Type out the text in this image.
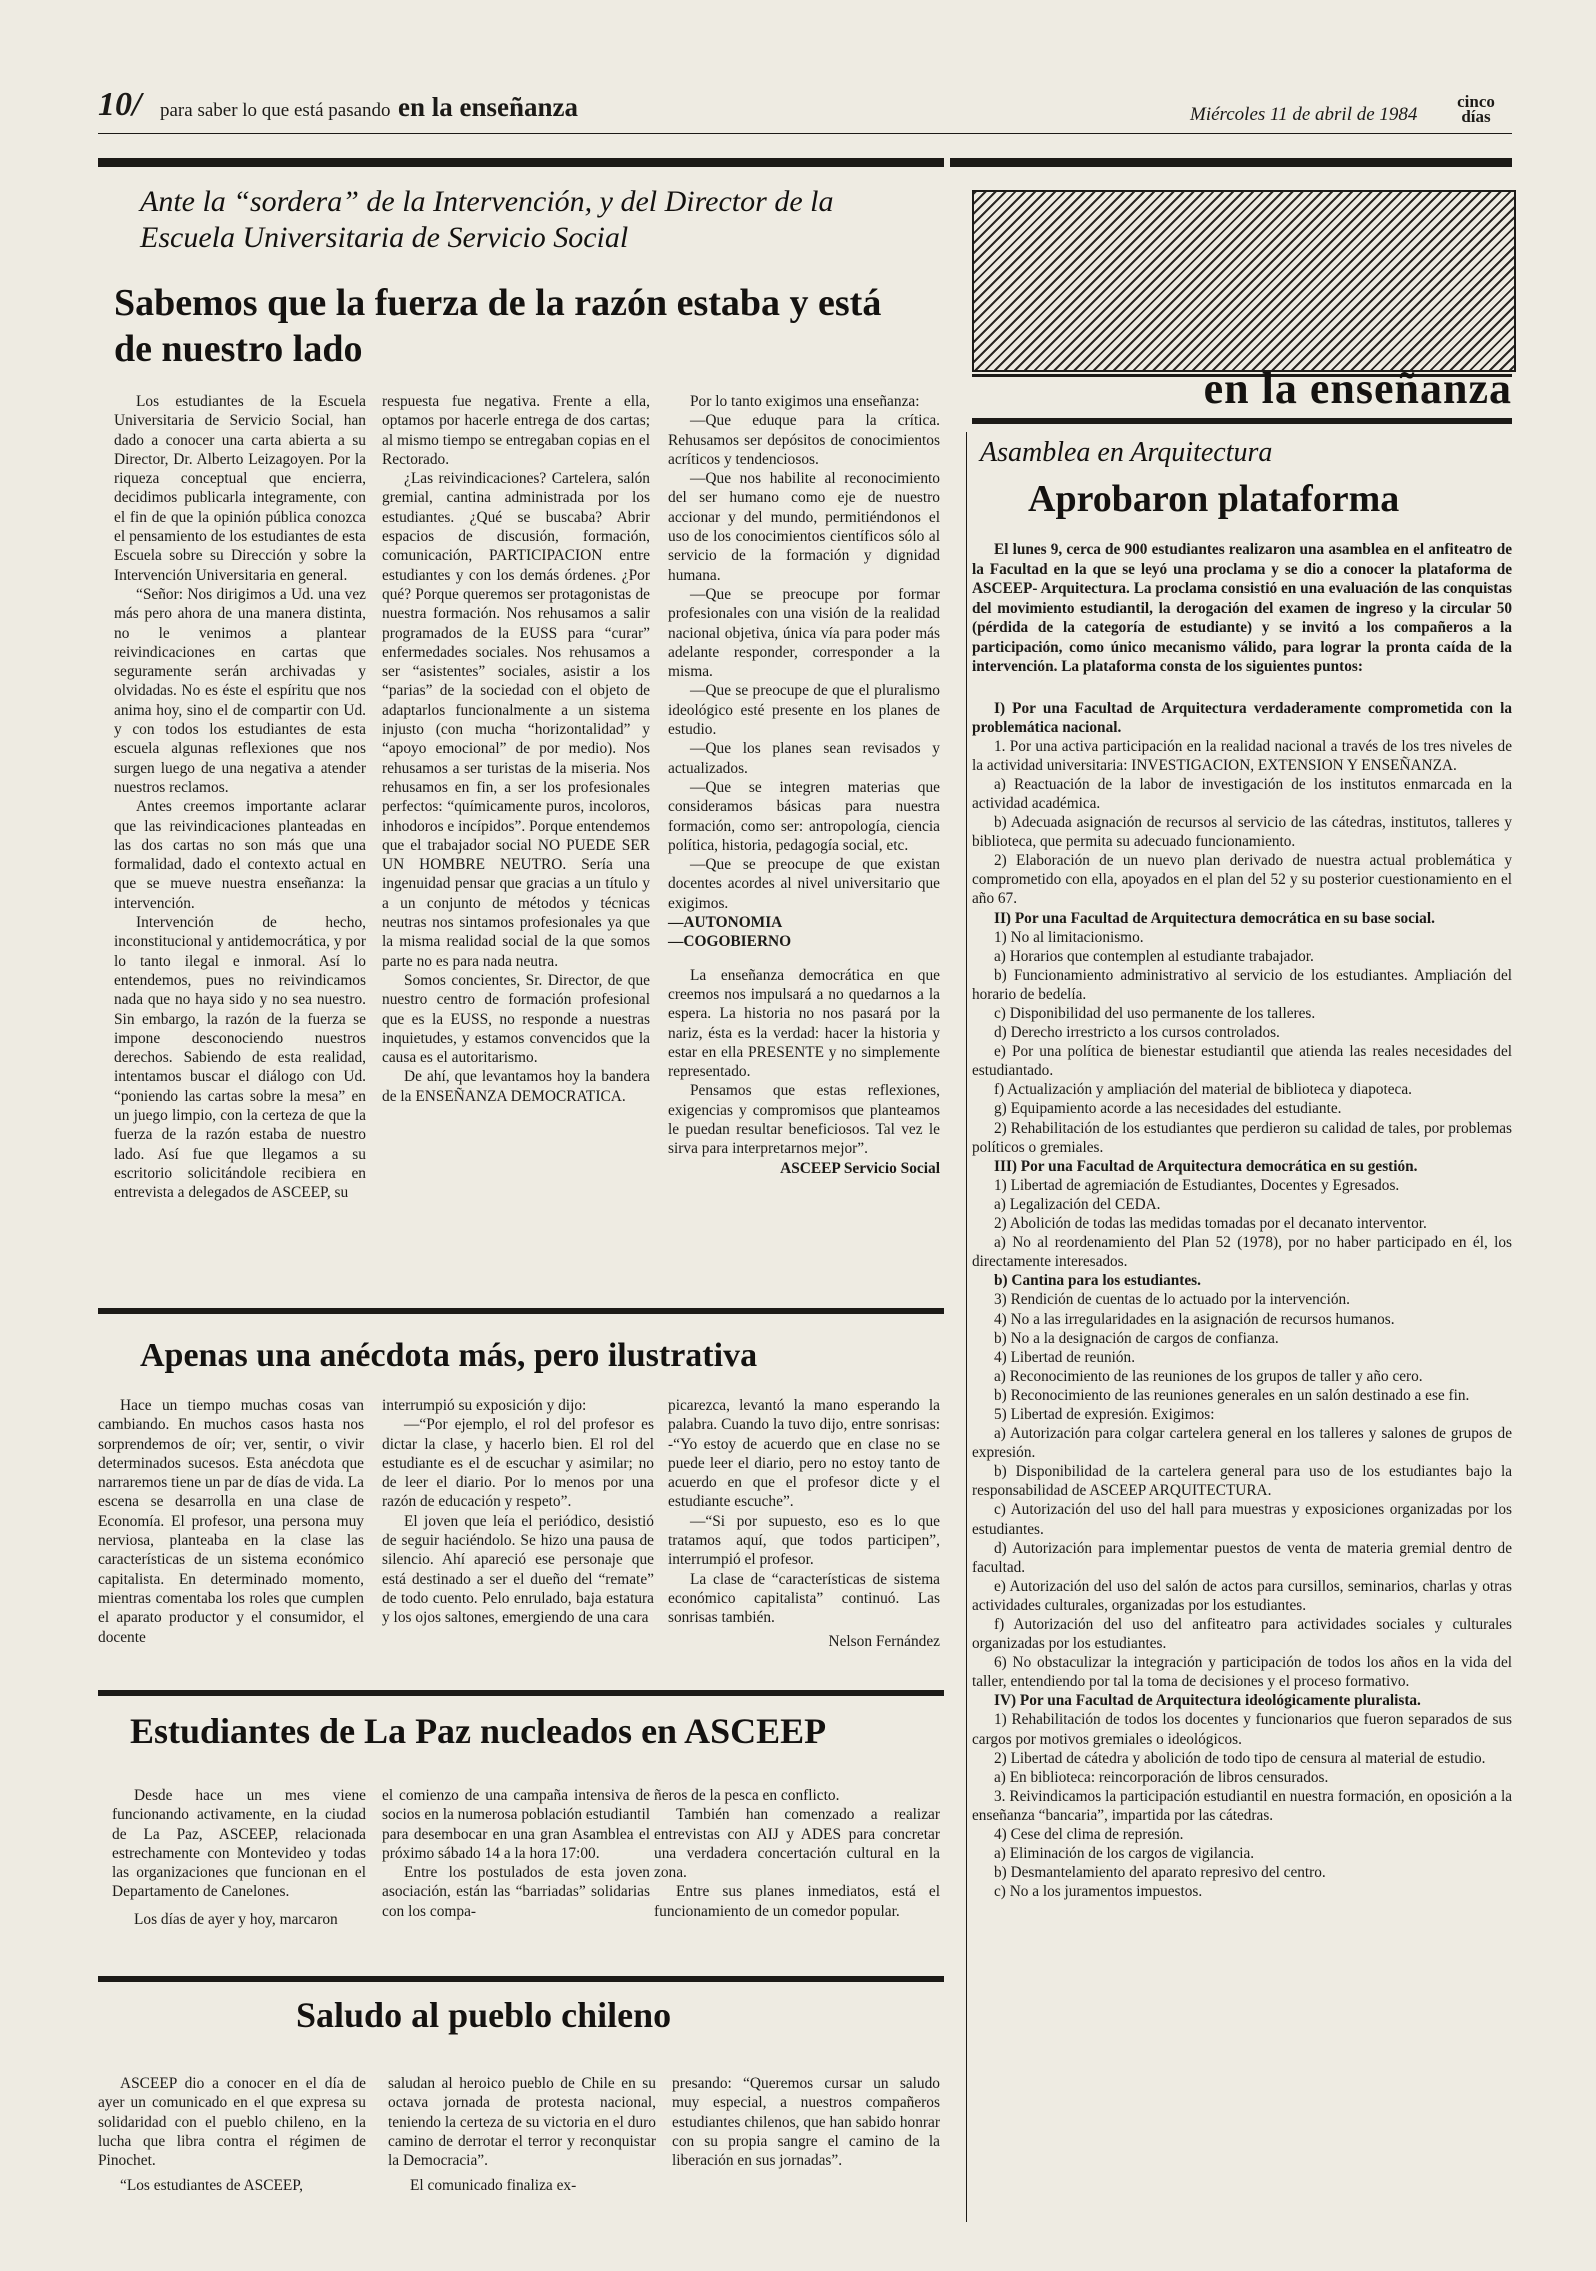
10/ para saber lo que está pasando en la enseñanza	Miércoles 11 de abril de 1984
cinco días
Ante la “sordera” de la Intervención, y del Director de la Escuela Universitaria de Servicio Social
Sabemos que la fuerza de la razón estaba y está
de nuestro lado

Los estudiantes de la Escuela Universitaria de Servicio Social, han dado a conocer una carta abierta a su Director, Dr. Alberto Leizagoyen. Por la riqueza conceptual que encierra, decidimos publicarla integramente, con el fin de que la opinión pública conozca el pensamiento de los estudiantes de esta Escuela sobre su Dirección y sobre la Intervención Universitaria en general.

“Señor: Nos dirigimos a Ud. una vez más pero ahora de una manera distinta, no le venimos a plantear reivindicaciones en cartas que seguramente serán archivadas y olvidadas. No es éste el espíritu que nos anima hoy, sino el de compartir con Ud. y con todos los estudiantes de esta escuela algunas reflexiones que nos surgen luego de una negativa a atender nuestros reclamos.

Antes creemos importante aclarar que las reivindicaciones planteadas en las dos cartas no son más que una formalidad, dado el contexto actual en que se mueve nuestra enseñanza: la intervención.

Intervención de hecho, inconstitucional y antidemocrática, y por lo tanto ilegal e inmoral. Así lo entendemos, pues no reivindicamos nada que no haya sido y no sea nuestro. Sin embargo, la razón de la fuerza se impone desconociendo nuestros derechos. Sabiendo de esta realidad, intentamos buscar el diálogo con Ud. “poniendo las cartas sobre la mesa” en un juego limpio, con la certeza de que la fuerza de la razón estaba de nuestro lado. Así fue que llegamos a su escritorio solicitándole recibiera en entrevista a delegados de ASCEEP, su

respuesta fue negativa. Frente a ella, optamos por hacerle entrega de dos cartas; al mismo tiempo se entregaban copias en el Rectorado.

¿Las reivindicaciones? Cartelera, salón gremial, cantina administrada por los estudiantes. ¿Qué se buscaba? Abrir espacios de discusión, formación, comunicación, PARTICIPACION entre estudiantes y con los demás órdenes. ¿Por qué? Porque queremos ser protagonistas de nuestra formación. Nos rehusamos a salir programados de la EUSS para “curar” enfermedades sociales. Nos rehusamos a ser “asistentes” sociales, asistir a los “parias” de la sociedad con el objeto de adaptarlos funcionalmente a un sistema injusto (con mucha “horizontalidad” y “apoyo emocional” de por medio). Nos rehusamos a ser turistas de la miseria. Nos rehusamos en fin, a ser los profesionales perfectos: “químicamente puros, incoloros, inhodoros e incípidos”. Porque entendemos que el trabajador social NO PUEDE SER UN HOMBRE NEUTRO. Sería una ingenuidad pensar que gracias a un título y a un conjunto de métodos y técnicas neutras nos sintamos profesionales ya que la misma realidad social de la que somos parte no es para nada neutra.

Somos concientes, Sr. Director, de que nuestro centro de formación profesional que es la EUSS, no responde a nuestras inquietudes, y estamos convencidos que la causa es el autoritarismo.

De ahí, que levantamos hoy la bandera de la ENSEÑANZA DEMOCRATICA.

Por lo tanto exigimos una enseñanza:

—Que eduque para la crítica. Rehusamos ser depósitos de conocimientos acríticos y tendenciosos.

—Que nos habilite al reconocimiento del ser humano como eje de nuestro accionar y del mundo, permitiéndonos el uso de los conocimientos científicos sólo al servicio de la formación y dignidad humana.

—Que se preocupe por formar profesionales con una visión de la realidad nacional objetiva, única vía para poder más adelante responder, corresponder a la misma.

—Que se preocupe de que el pluralismo ideológico esté presente en los planes de estudio.

—Que los planes sean revisados y actualizados.

—Que se integren materias que consideramos básicas para nuestra formación, como ser: antropología, ciencia política, historia, pedagogía social, etc.

—Que se preocupe de que existan docentes acordes al nivel universitario que exigimos.

—AUTONOMIA

—COGOBIERNO

La enseñanza democrática en que creemos nos impulsará a no quedarnos a la espera. La historia no nos pasará por la nariz, ésta es la verdad: hacer la historia y estar en ella PRESENTE y no simplemente representado.

Pensamos que estas reflexiones, exigencias y compromisos que planteamos le puedan resultar beneficiosos. Tal vez le sirva para interpretarnos mejor”.

ASCEEP Servicio Social

Apenas una anécdota más, pero ilustrativa

Hace un tiempo muchas cosas van cambiando. En muchos casos hasta nos sorprendemos de oír; ver, sentir, o vivir determinados sucesos. Esta anécdota que narraremos tiene un par de días de vida. La escena se desarrolla en una clase de Economía. El profesor, una persona muy nerviosa, planteaba en la clase las características de un sistema económico capitalista. En determinado momento, mientras comentaba los roles que cumplen el aparato productor y el consumidor, el docente

interrumpió su exposición y dijo:

—“Por ejemplo, el rol del profesor es dictar la clase, y hacerlo bien. El rol del estudiante es el de escuchar y asimilar; no de leer el diario. Por lo menos por una razón de educación y respeto”.

El joven que leía el periódico, desistió de seguir haciéndolo. Se hizo una pausa de silencio. Ahí apareció ese personaje que está destinado a ser el dueño del “remate” de todo cuento. Pelo enrulado, baja estatura y los ojos saltones, emergiendo de una cara

picarezca, levantó la mano esperando la palabra. Cuando la tuvo dijo, entre sonrisas: -“Yo estoy de acuerdo que en clase no se puede leer el diario, pero no estoy tanto de acuerdo en que el profesor dicte y el estudiante escuche”.

—“Si por supuesto, eso es lo que tratamos aquí, que todos participen”, interrumpió el profesor.

La clase de “características de sistema económico capitalista” continuó. Las sonrisas también.

Nelson Fernández

Estudiantes de La Paz nucleados en ASCEEP

Desde hace un mes viene funcionando activamente, en la ciudad de La Paz, ASCEEP, relacionada estrechamente con Montevideo y todas las organizaciones que funcionan en el Departamento de Canelones.

Los días de ayer y hoy, marcaron

el comienzo de una campaña intensiva de socios en la numerosa población estudiantil para desembocar en una gran Asamblea el próximo sábado 14 a la hora 17:00.

Entre los postulados de esta joven asociación, están las “barriadas” solidarias con los compa-

ñeros de la pesca en conflicto.

También han comenzado a realizar entrevistas con AIJ y ADES para concretar una verdadera concertación cultural en la zona.

Entre sus planes inmediatos, está el funcionamiento de un comedor popular.

Saludo al pueblo chileno

ASCEEP dio a conocer en el día de ayer un comunicado en el que expresa su solidaridad con el pueblo chileno, en la lucha que libra contra el régimen de Pinochet.

“Los estudiantes de ASCEEP,

saludan al heroico pueblo de Chile en su octava jornada de protesta nacional, teniendo la certeza de su victoria en el duro camino de derrotar el terror y reconquistar la Democracia”.

El comunicado finaliza ex-

presando: “Queremos cursar un saludo muy especial, a nuestros compañeros estudiantes chilenos, que han sabido honrar con su propia sangre el camino de la liberación en sus jornadas”.

en la enseñanza
Asamblea en Arquitectura
Aprobaron plataforma

El lunes 9, cerca de 900 estudiantes realizaron una asamblea en el anfiteatro de la Facultad en la que se leyó una proclama y se dio a conocer la plataforma de ASCEEP- Arquitectura. La proclama consistió en una evaluación de las conquistas del movimiento estudiantil, la derogación del examen de ingreso y la circular 50 (pérdida de la categoría de estudiante) y se invitó a los compañeros a la participación, como único mecanismo válido, para lograr la pronta caída de la intervención. La plataforma consta de los siguientes puntos:

I) Por una Facultad de Arquitectura verdaderamente comprometida con la problemática nacional.

1. Por una activa participación en la realidad nacional a través de los tres niveles de la actividad universitaria: INVESTIGACION, EXTENSION Y ENSEÑANZA.

a) Reactuación de la labor de investigación de los institutos enmarcada en la actividad académica.

b) Adecuada asignación de recursos al servicio de las cátedras, institutos, talleres y biblioteca, que permita su adecuado funcionamiento.

2) Elaboración de un nuevo plan derivado de nuestra actual problemática y comprometido con ella, apoyados en el plan del 52 y su posterior cuestionamiento en el año 67.

II) Por una Facultad de Arquitectura democrática en su base social.

1) No al limitacionismo.

a) Horarios que contemplen al estudiante trabajador.

b) Funcionamiento administrativo al servicio de los estudiantes. Ampliación del horario de bedelía.

c) Disponibilidad del uso permanente de los talleres.

d) Derecho irrestricto a los cursos controlados.

e) Por una política de bienestar estudiantil que atienda las reales necesidades del estudiantado.

f) Actualización y ampliación del material de biblioteca y diapoteca.

g) Equipamiento acorde a las necesidades del estudiante.

2) Rehabilitación de los estudiantes que perdieron su calidad de tales, por problemas políticos o gremiales.

III) Por una Facultad de Arquitectura democrática en su gestión.

1) Libertad de agremiación de Estudiantes, Docentes y Egresados.

a) Legalización del CEDA.

2) Abolición de todas las medidas tomadas por el decanato interventor.

a) No al reordenamiento del Plan 52 (1978), por no haber participado en él, los directamente interesados.

b) Cantina para los estudiantes.

3) Rendición de cuentas de lo actuado por la intervención.

4) No a las irregularidades en la asignación de recursos humanos.

b) No a la designación de cargos de confianza.

4) Libertad de reunión.

a) Reconocimiento de las reuniones de los grupos de taller y año cero.

b) Reconocimiento de las reuniones generales en un salón destinado a ese fin.

5) Libertad de expresión. Exigimos:

a) Autorización para colgar cartelera general en los talleres y salones de grupos de expresión.

b) Disponibilidad de la cartelera general para uso de los estudiantes bajo la responsabilidad de ASCEEP ARQUITECTURA.

c) Autorización del uso del hall para muestras y exposiciones organizadas por los estudiantes.

d) Autorización para implementar puestos de venta de materia gremial dentro de facultad.

e) Autorización del uso del salón de actos para cursillos, seminarios, charlas y otras actividades culturales, organizadas por los estudiantes.

f) Autorización del uso del anfiteatro para actividades sociales y culturales organizadas por los estudiantes.

6) No obstaculizar la integración y participación de todos los años en la vida del taller, entendiendo por tal la toma de decisiones y el proceso formativo.

IV) Por una Facultad de Arquitectura ideológicamente pluralista.

1) Rehabilitación de todos los docentes y funcionarios que fueron separados de sus cargos por motivos gremiales o ideológicos.

2) Libertad de cátedra y abolición de todo tipo de censura al material de estudio.

a) En biblioteca: reincorporación de libros censurados.

3. Reivindicamos la participación estudiantil en nuestra formación, en oposición a la enseñanza “bancaria”, impartida por las cátedras.

4) Cese del clima de represión.

a) Eliminación de los cargos de vigilancia.

b) Desmantelamiento del aparato represivo del centro.

c) No a los juramentos impuestos.
